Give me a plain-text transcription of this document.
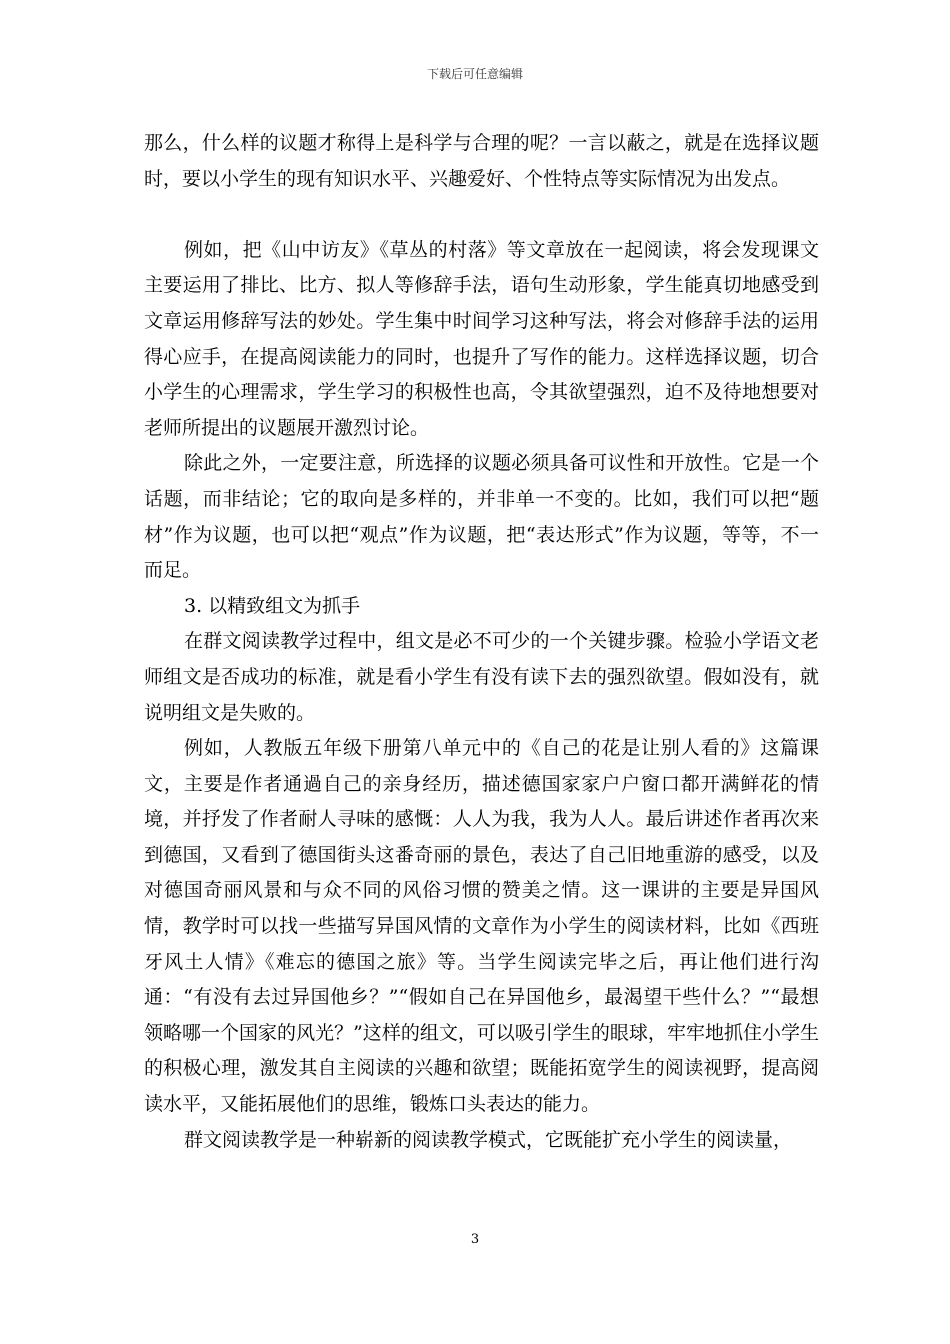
下载后可任意编辑

那么，什么样的议题才称得上是科学与合理的呢？一言以蔽之，就是在选择议题时，要以小学生的现有知识水平、兴趣爱好、个性特点等实际情况为出发点。

例如，把《山中访友》《草丛的村落》等文章放在一起阅读，将会发现课文主要运用了排比、比方、拟人等修辞手法，语句生动形象，学生能真切地感受到文章运用修辞写法的妙处。学生集中时间学习这种写法，将会对修辞手法的运用得心应手，在提高阅读能力的同时，也提升了写作的能力。这样选择议题，切合小学生的心理需求，学生学习的积极性也高，令其欲望强烈，迫不及待地想要对老师所提出的议题展开激烈讨论。

除此之外，一定要注意，所选择的议题必须具备可议性和开放性。它是一个话题，而非结论；它的取向是多样的，并非单一不变的。比如，我们可以把“题材”作为议题，也可以把“观点”作为议题，把“表达形式”作为议题，等等，不一而足。

3. 以精致组文为抓手

在群文阅读教学过程中，组文是必不可少的一个关键步骤。检验小学语文老师组文是否成功的标准，就是看小学生有没有读下去的强烈欲望。假如没有，就说明组文是失败的。

例如，人教版五年级下册第八单元中的《自己的花是让别人看的》这篇课文，主要是作者通過自己的亲身经历，描述德国家家户户窗口都开满鲜花的情境，并抒发了作者耐人寻味的感慨：人人为我，我为人人。最后讲述作者再次来到德国，又看到了德国街头这番奇丽的景色，表达了自己旧地重游的感受，以及对德国奇丽风景和与众不同的风俗习惯的赞美之情。这一课讲的主要是异国风情，教学时可以找一些描写异国风情的文章作为小学生的阅读材料，比如《西班牙风土人情》《难忘的德国之旅》等。当学生阅读完毕之后，再让他们进行沟通：“有没有去过异国他乡？”“假如自己在异国他乡，最渴望干些什么？”“最想领略哪一个国家的风光？”这样的组文，可以吸引学生的眼球，牢牢地抓住小学生的积极心理，激发其自主阅读的兴趣和欲望；既能拓宽学生的阅读视野，提高阅读水平，又能拓展他们的思维，锻炼口头表达的能力。

群文阅读教学是一种崭新的阅读教学模式，它既能扩充小学生的阅读量，

3
